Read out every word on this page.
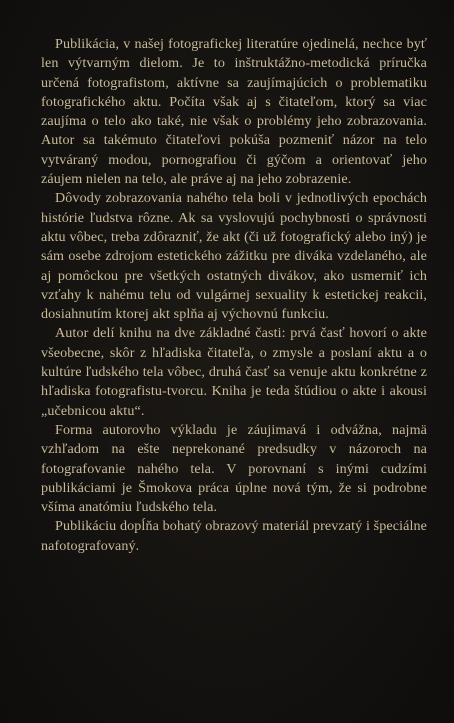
Publikácia, v našej fotografickej literatúre ojedinelá, nechce byť len výtvarným dielom. Je to inštruktážno-metodická príručka určená fotografistom, aktívne sa zaujímajúcich o problematiku fotografického aktu. Počíta však aj s čitateľom, ktorý sa viac zaujíma o telo ako také, nie však o problémy jeho zobrazovania. Autor sa takémuto čitateľovi pokúša pozmeniť názor na telo vytváraný modou, pornografiou či gýčom a orientovať jeho záujem nielen na telo, ale práve aj na jeho zobrazenie.

Dôvody zobrazovania nahého tela boli v jednotlivých epochách histórie ľudstva rôzne. Ak sa vyslovujú pochybnosti o správnosti aktu vôbec, treba zdôrazniť, že akt (či už fotografický alebo iný) je sám osebe zdrojom estetického zážitku pre diváka vzdelaného, ale aj pomôckou pre všetkých ostatných divákov, ako usmerniť ich vzťahy k nahému telu od vulgárnej sexuality k estetickej reakcii, dosiahnutím ktorej akt splňa aj výchovnú funkciu.

Autor delí knihu na dve základné časti: prvá časť hovorí o akte všeobecne, skôr z hľadiska čitateľa, o zmysle a poslaní aktu a o kultúre ľudského tela vôbec, druhá časť sa venuje aktu konkrétne z hľadiska fotografistu-tvorcu. Kniha je teda štúdiou o akte i akousi „učebnicou aktu“.

Forma autorovho výkladu je záujimavá i odvážna, najmä vzhľadom na ešte neprekonané predsudky v názoroch na fotografovanie nahého tela. V porovnaní s inými cudzími publikáciami je Šmokova práca úplne nová tým, že si podrobne všíma anatómiu ľudského tela.

Publikáciu dopĺňa bohatý obrazový materiál prevzatý i špeciálne nafotografovaný.
